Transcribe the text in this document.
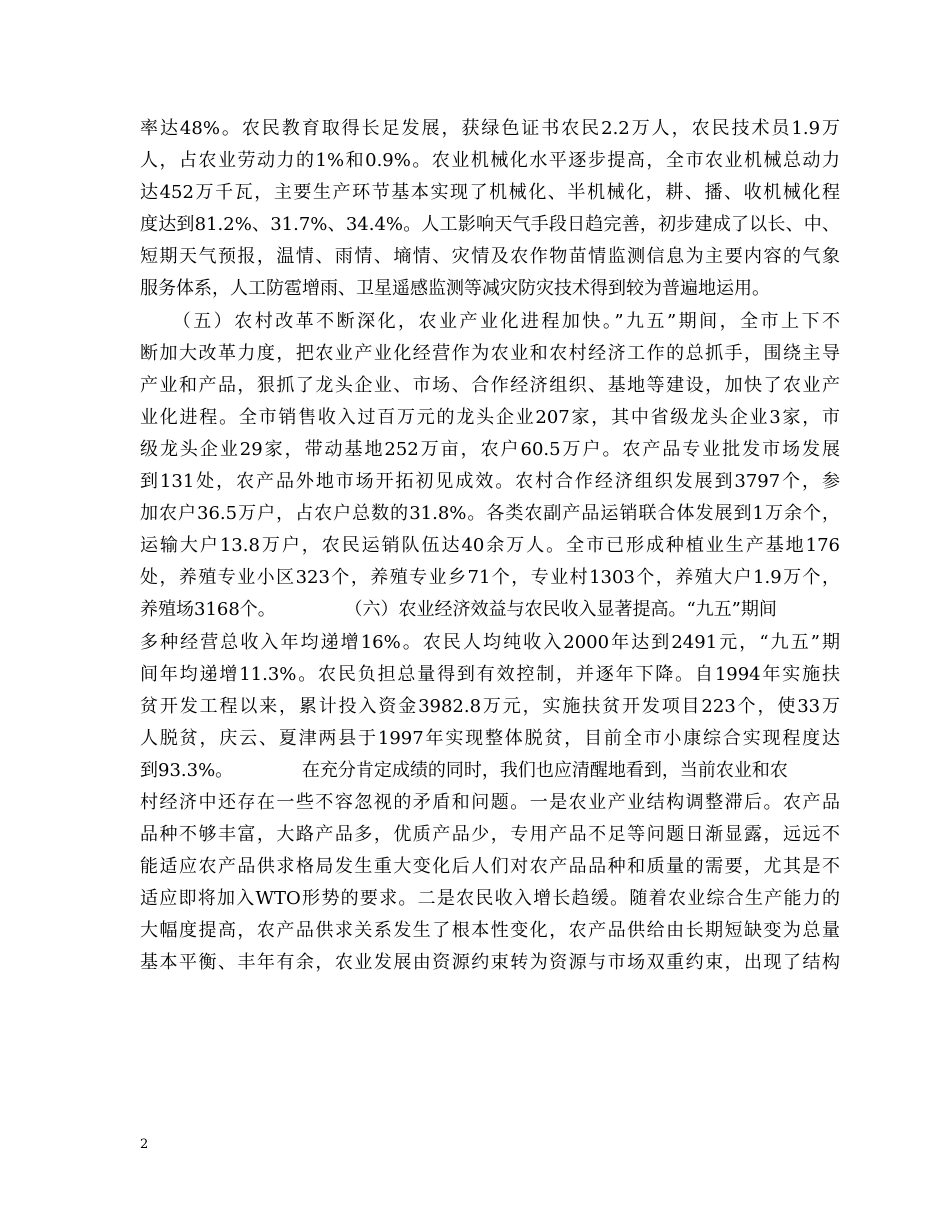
率达48%。农民教育取得长足发展，获绿色证书农民2.2万人，农民技术员1.9万
人，占农业劳动力的1%和0.9%。农业机械化水平逐步提高，全市农业机械总动力
达452万千瓦，主要生产环节基本实现了机械化、半机械化，耕、播、收机械化程
度达到81.2%、31.7%、34.4%。人工影响天气手段日趋完善，初步建成了以长、中、
短期天气预报，温情、雨情、墒情、灾情及农作物苗情监测信息为主要内容的气象
服务体系，人工防雹增雨、卫星遥感监测等减灾防灾技术得到较为普遍地运用。
（五）农村改革不断深化，农业产业化进程加快。”九五”期间，全市上下不
断加大改革力度，把农业产业化经营作为农业和农村经济工作的总抓手，围绕主导
产业和产品，狠抓了龙头企业、市场、合作经济组织、基地等建设，加快了农业产
业化进程。全市销售收入过百万元的龙头企业207家，其中省级龙头企业3家，市
级龙头企业29家，带动基地252万亩，农户60.5万户。农产品专业批发市场发展
到131处，农产品外地市场开拓初见成效。农村合作经济组织发展到3797个，参
加农户36.5万户，占农户总数的31.8%。各类农副产品运销联合体发展到1万余个，
运输大户13.8万户，农民运销队伍达40余万人。全市已形成种植业生产基地176
处，养殖专业小区323个，养殖专业乡71个，专业村1303个，养殖大户1.9万个，
养殖场3168个。            （六）农业经济效益与农民收入显著提高。“九五”期间
多种经营总收入年均递增16%。农民人均纯收入2000年达到2491元，“九五”期
间年均递增11.3%。农民负担总量得到有效控制，并逐年下降。自1994年实施扶
贫开发工程以来，累计投入资金3982.8万元，实施扶贫开发项目223个，使33万
人脱贫，庆云、夏津两县于1997年实现整体脱贫，目前全市小康综合实现程度达
到93.3%。            在充分肯定成绩的同时，我们也应清醒地看到，当前农业和农
村经济中还存在一些不容忽视的矛盾和问题。一是农业产业结构调整滞后。农产品
品种不够丰富，大路产品多，优质产品少，专用产品不足等问题日渐显露，远远不
能适应农产品供求格局发生重大变化后人们对农产品品种和质量的需要，尤其是不
适应即将加入WTO形势的要求。二是农民收入增长趋缓。随着农业综合生产能力的
大幅度提高，农产品供求关系发生了根本性变化，农产品供给由长期短缺变为总量
基本平衡、丰年有余，农业发展由资源约束转为资源与市场双重约束，出现了结构
2
